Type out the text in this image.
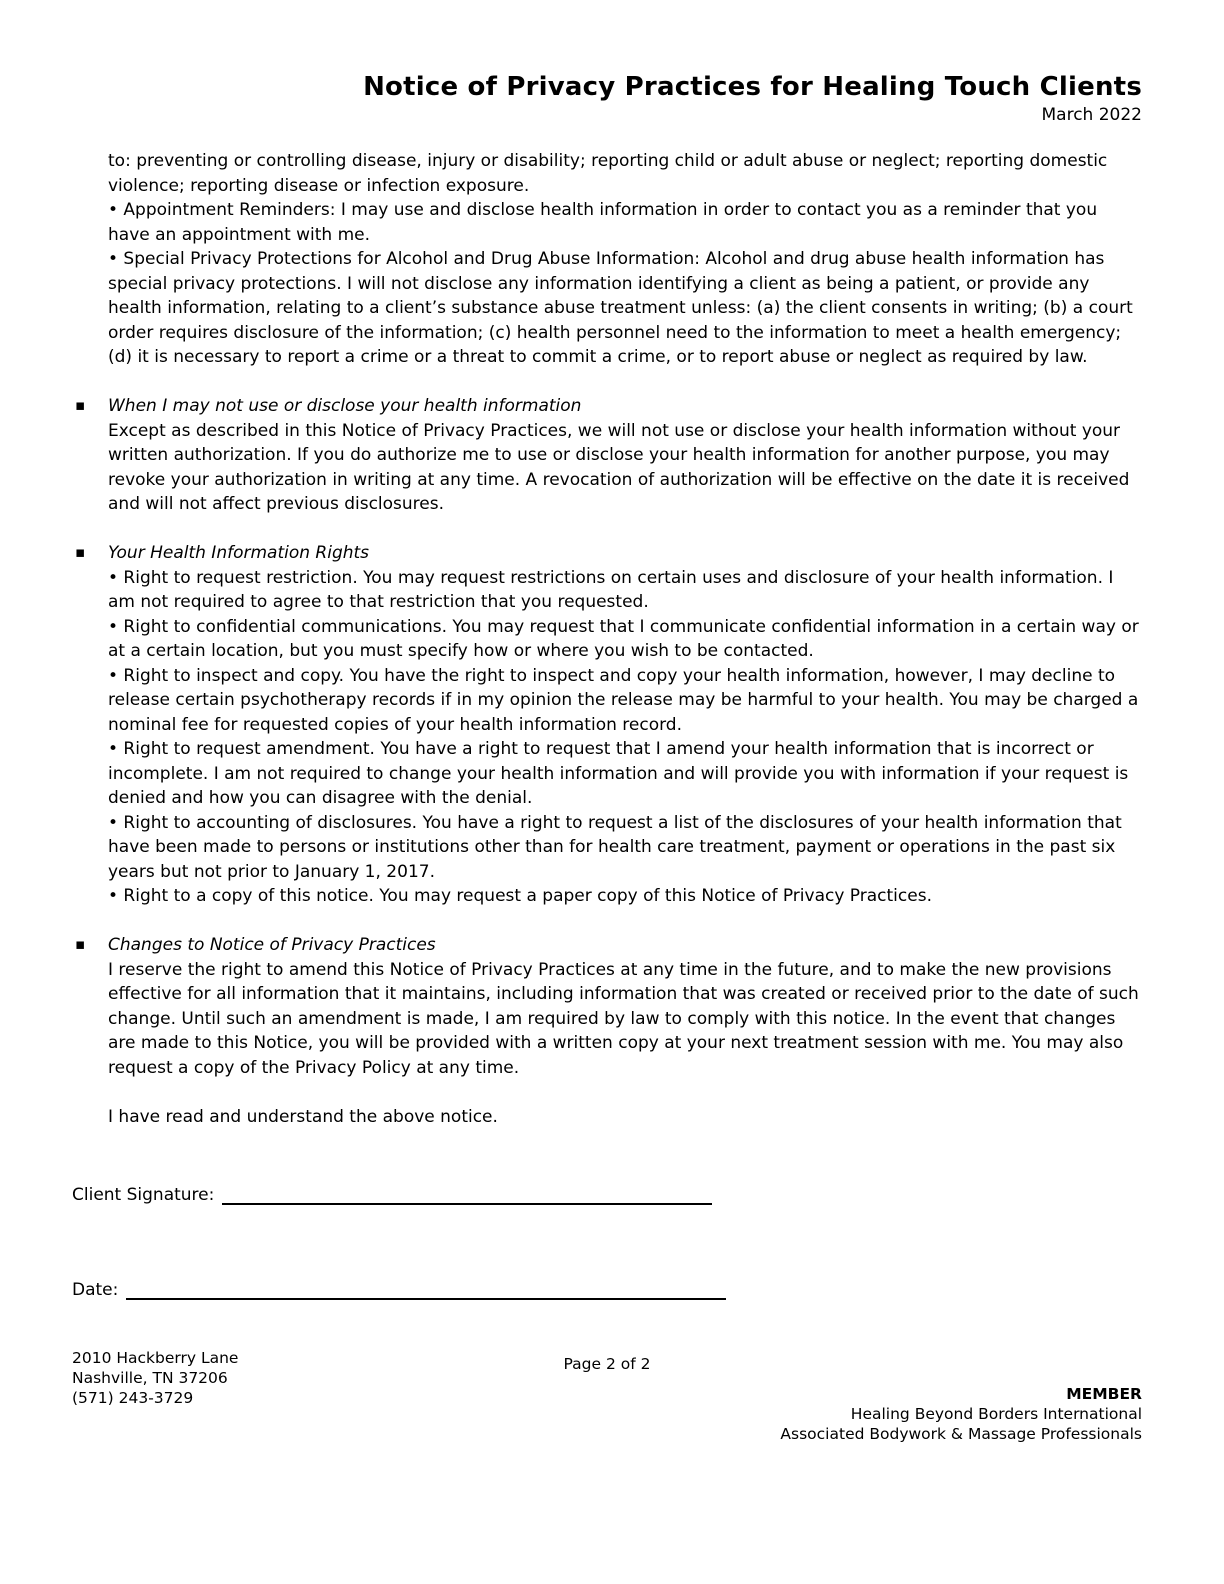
Notice of Privacy Practices for Healing Touch Clients
March 2022

to: preventing or controlling disease, injury or disability; reporting child or adult abuse or neglect; reporting domestic violence; reporting disease or infection exposure.

• Appointment Reminders: I may use and disclose health information in order to contact you as a reminder that you have an appointment with me.

• Special Privacy Protections for Alcohol and Drug Abuse Information: Alcohol and drug abuse health information has special privacy protections. I will not disclose any information identifying a client as being a patient, or provide any health information, relating to a client’s substance abuse treatment unless: (a) the client consents in writing; (b) a court order requires disclosure of the information; (c) health personnel need to the information to meet a health emergency; (d) it is necessary to report a crime or a threat to commit a crime, or to report abuse or neglect as required by law.

▪ When I may not use or disclose your health information

Except as described in this Notice of Privacy Practices, we will not use or disclose your health information without your written authorization. If you do authorize me to use or disclose your health information for another purpose, you may revoke your authorization in writing at any time. A revocation of authorization will be effective on the date it is received and will not affect previous disclosures.

▪ Your Health Information Rights

• Right to request restriction. You may request restrictions on certain uses and disclosure of your health information. I am not required to agree to that restriction that you requested.

• Right to confidential communications. You may request that I communicate confidential information in a certain way or at a certain location, but you must specify how or where you wish to be contacted.

• Right to inspect and copy. You have the right to inspect and copy your health information, however, I may decline to release certain psychotherapy records if in my opinion the release may be harmful to your health. You may be charged a nominal fee for requested copies of your health information record.

• Right to request amendment. You have a right to request that I amend your health information that is incorrect or incomplete. I am not required to change your health information and will provide you with information if your request is denied and how you can disagree with the denial.

• Right to accounting of disclosures. You have a right to request a list of the disclosures of your health information that have been made to persons or institutions other than for health care treatment, payment or operations in the past six years but not prior to January 1, 2017.

• Right to a copy of this notice. You may request a paper copy of this Notice of Privacy Practices.

▪ Changes to Notice of Privacy Practices

I reserve the right to amend this Notice of Privacy Practices at any time in the future, and to make the new provisions effective for all information that it maintains, including information that was created or received prior to the date of such change. Until such an amendment is made, I am required by law to comply with this notice. In the event that changes are made to this Notice, you will be provided with a written copy at your next treatment session with me. You may also request a copy of the Privacy Policy at any time.

I have read and understand the above notice.

Client Signature:
Date:
2010 Hackberry Lane
Nashville, TN 37206
(571) 243-3729
Page 2 of 2
MEMBER
Healing Beyond Borders International
Associated Bodywork & Massage Professionals
